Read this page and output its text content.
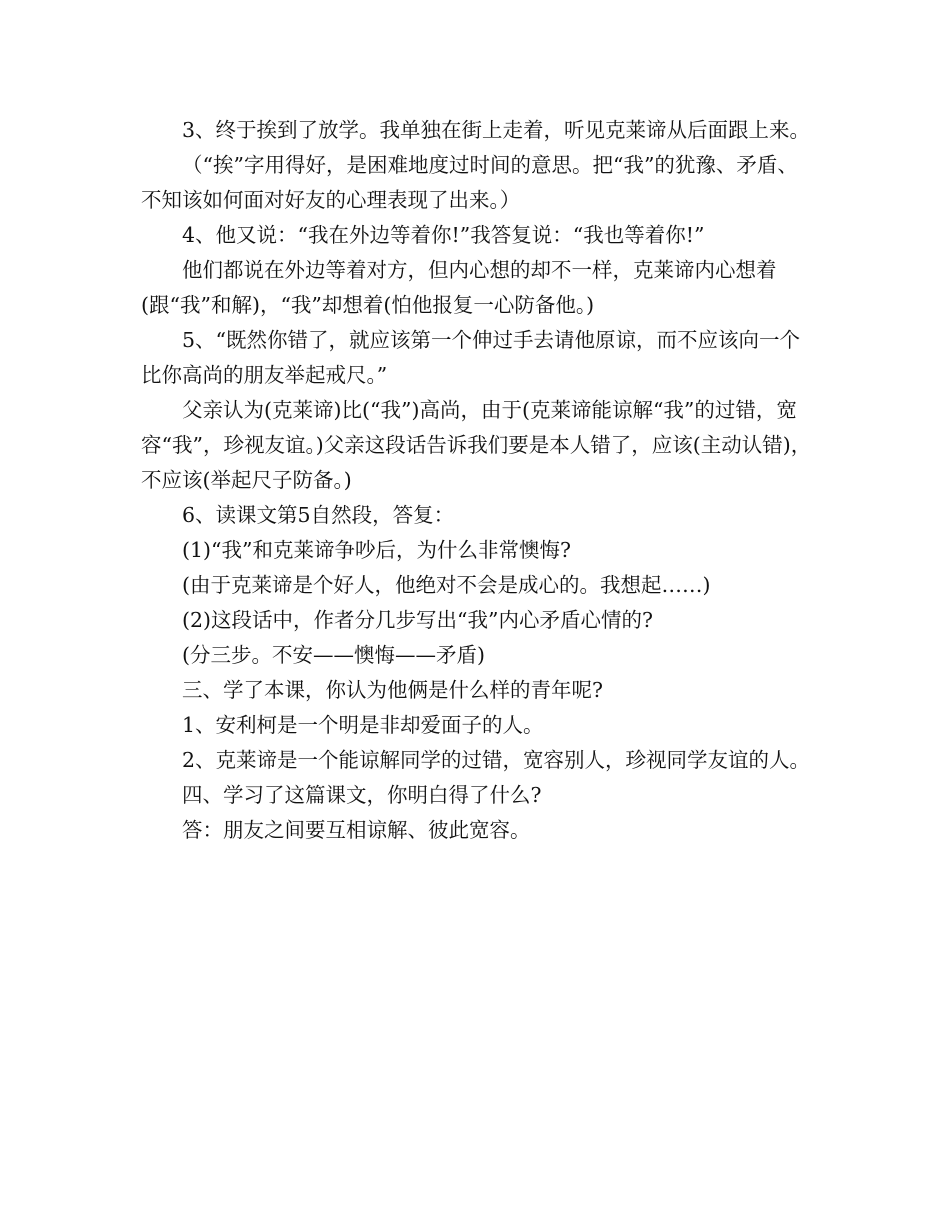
3、终于挨到了放学。我单独在街上走着，听见克莱谛从后面跟上来。

（“挨”字用得好，是困难地度过时间的意思。把“我”的犹豫、矛盾、不知该如何面对好友的心理表现了出来。）

4、他又说：“我在外边等着你!”我答复说：“我也等着你!”

他们都说在外边等着对方，但内心想的却不一样，克莱谛内心想着(跟“我”和解)，“我”却想着(怕他报复一心防备他。)

5、“既然你错了，就应该第一个伸过手去请他原谅，而不应该向一个比你高尚的朋友举起戒尺。”

父亲认为(克莱谛)比(“我”)高尚，由于(克莱谛能谅解“我”的过错，宽容“我”，珍视友谊。)父亲这段话告诉我们要是本人错了，应该(主动认错)，不应该(举起尺子防备。)

6、读课文第5自然段，答复：

(1)“我”和克莱谛争吵后，为什么非常懊悔?

(由于克莱谛是个好人，他绝对不会是成心的。我想起……)

(2)这段话中，作者分几步写出“我”内心矛盾心情的?

(分三步。不安——懊悔——矛盾)

三、学了本课，你认为他俩是什么样的青年呢?

1、安利柯是一个明是非却爱面子的人。

2、克莱谛是一个能谅解同学的过错，宽容别人，珍视同学友谊的人。

四、学习了这篇课文，你明白得了什么?

答：朋友之间要互相谅解、彼此宽容。
